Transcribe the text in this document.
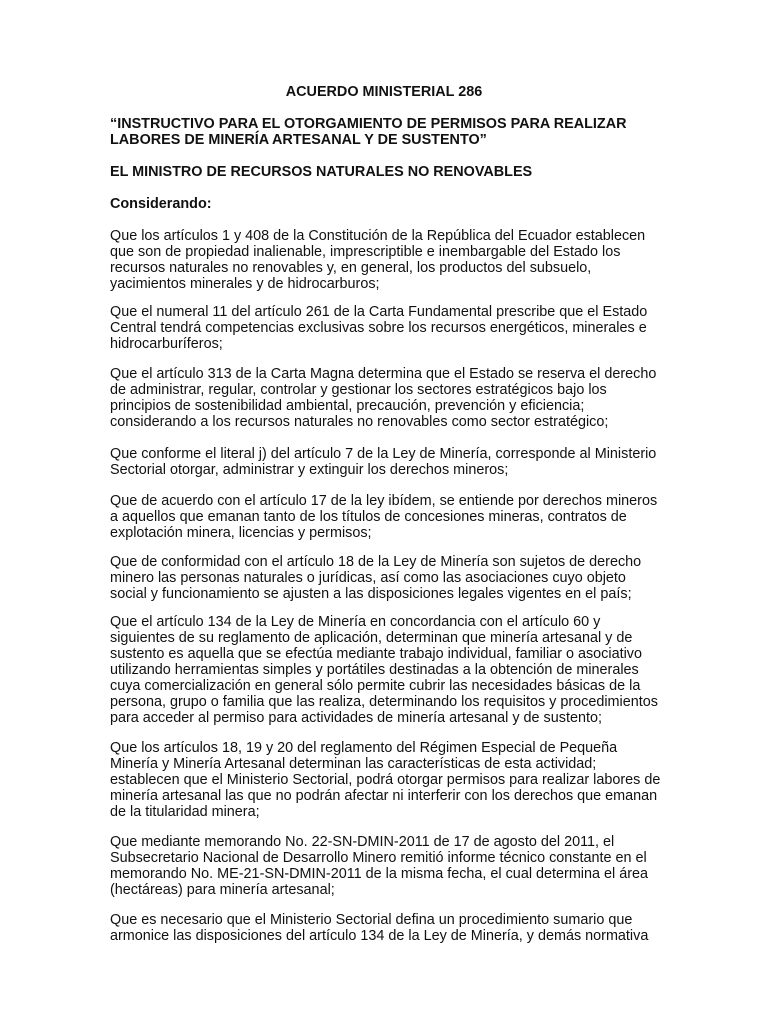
ACUERDO MINISTERIAL 286
“INSTRUCTIVO PARA EL OTORGAMIENTO DE PERMISOS PARA REALIZAR
LABORES DE MINERÍA ARTESANAL Y DE SUSTENTO”
EL MINISTRO DE RECURSOS NATURALES NO RENOVABLES
Considerando:
Que los artículos 1 y 408 de la Constitución de la República del Ecuador establecen
que son de propiedad inalienable, imprescriptible e inembargable del Estado los
recursos naturales no renovables y, en general, los productos del subsuelo,
yacimientos minerales y de hidrocarburos;
Que el numeral 11 del artículo 261 de la Carta Fundamental prescribe que el Estado
Central tendrá competencias exclusivas sobre los recursos energéticos, minerales e
hidrocarburíferos;
Que el artículo 313 de la Carta Magna determina que el Estado se reserva el derecho
de administrar, regular, controlar y gestionar los sectores estratégicos bajo los
principios de sostenibilidad ambiental, precaución, prevención y eficiencia;
considerando a los recursos naturales no renovables como sector estratégico;
Que conforme el literal j) del artículo 7 de la Ley de Minería, corresponde al Ministerio
Sectorial otorgar, administrar y extinguir los derechos mineros;
Que de acuerdo con el artículo 17 de la ley ibídem, se entiende por derechos mineros
a aquellos que emanan tanto de los títulos de concesiones mineras, contratos de
explotación minera, licencias y permisos;
Que de conformidad con el artículo 18 de la Ley de Minería son sujetos de derecho
minero las personas naturales o jurídicas, así como las asociaciones cuyo objeto
social y funcionamiento se ajusten a las disposiciones legales vigentes en el país;
Que el artículo 134 de la Ley de Minería en concordancia con el artículo 60 y
siguientes de su reglamento de aplicación, determinan que minería artesanal y de
sustento es aquella que se efectúa mediante trabajo individual, familiar o asociativo
utilizando herramientas simples y portátiles destinadas a la obtención de minerales
cuya comercialización en general sólo permite cubrir las necesidades básicas de la
persona, grupo o familia que las realiza, determinando los requisitos y procedimientos
para acceder al permiso para actividades de minería artesanal y de sustento;
Que los artículos 18, 19 y 20 del reglamento del Régimen Especial de Pequeña
Minería y Minería Artesanal determinan las características de esta actividad;
establecen que el Ministerio Sectorial, podrá otorgar permisos para realizar labores de
minería artesanal las que no podrán afectar ni interferir con los derechos que emanan
de la titularidad minera;
Que mediante memorando No. 22-SN-DMIN-2011 de 17 de agosto del 2011, el
Subsecretario Nacional de Desarrollo Minero remitió informe técnico constante en el
memorando No. ME-21-SN-DMIN-2011 de la misma fecha, el cual determina el área
(hectáreas) para minería artesanal;
Que es necesario que el Ministerio Sectorial defina un procedimiento sumario que
armonice las disposiciones del artículo 134 de la Ley de Minería, y demás normativa
